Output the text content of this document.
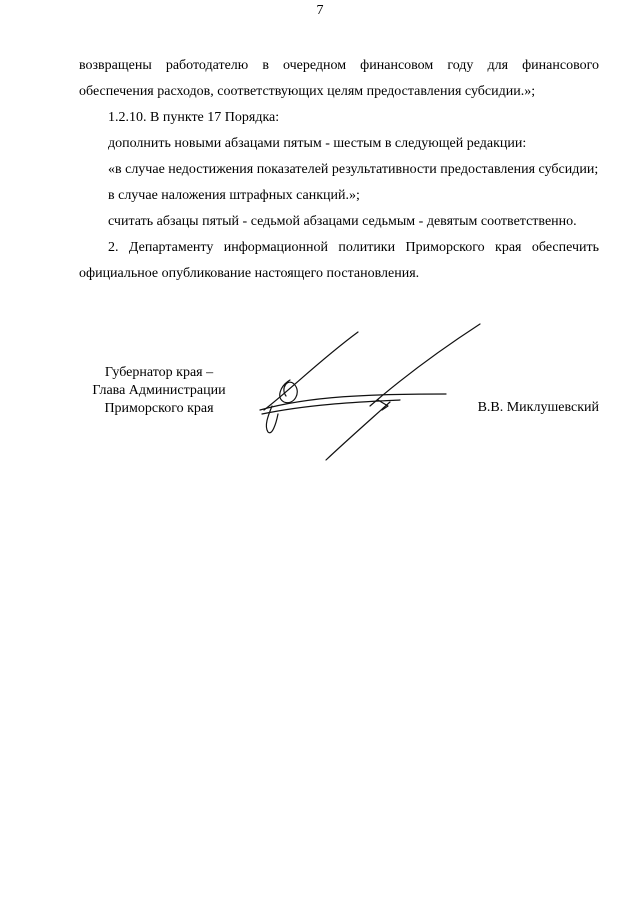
7

возвращены работодателю в очередном финансовом году для финансового обеспечения расходов, соответствующих целям предоставления субсидии.»;

1.2.10. В пункте 17 Порядка:

дополнить новыми абзацами пятым - шестым в следующей редакции:

«в случае недостижения показателей результативности предоставления субсидии;

в случае наложения штрафных санкций.»;

считать абзацы пятый - седьмой абзацами седьмым - девятым соответственно.

2. Департаменту информационной политики Приморского края обеспечить официальное опубликование настоящего постановления.

Губернатор края –
Глава Администрации
Приморского края	В.В. Миклушевский
